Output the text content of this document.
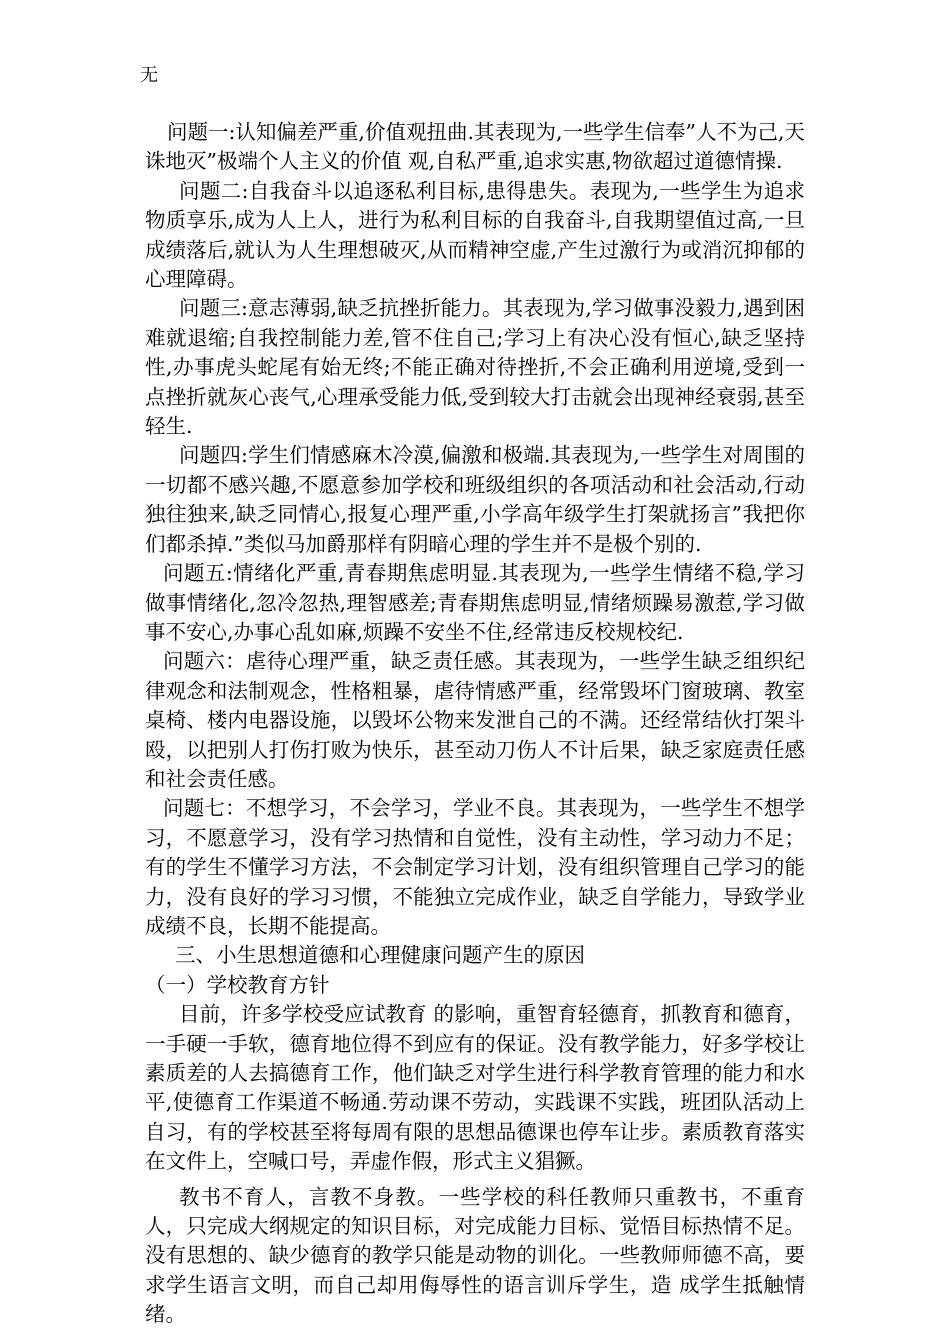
无

问题一:认知偏差严重,价值观扭曲.其表现为,一些学生信奉”人不为己,天诛地灭”极端个人主义的价值 观,自私严重,追求实惠,物欲超过道德情操.

问题二:自我奋斗以追逐私利目标,患得患失。表现为,一些学生为追求物质享乐,成为人上人，进行为私利目标的自我奋斗,自我期望值过高,一旦成绩落后,就认为人生理想破灭,从而精神空虚,产生过激行为或消沉抑郁的心理障碍。

问题三:意志薄弱,缺乏抗挫折能力。其表现为,学习做事没毅力,遇到困难就退缩;自我控制能力差,管不住自己;学习上有决心没有恒心,缺乏坚持性,办事虎头蛇尾有始无终;不能正确对待挫折,不会正确利用逆境,受到一点挫折就灰心丧气,心理承受能力低,受到较大打击就会出现神经衰弱,甚至轻生.

问题四:学生们情感麻木冷漠,偏激和极端.其表现为,一些学生对周围的一切都不感兴趣,不愿意参加学校和班级组织的各项活动和社会活动,行动独往独来,缺乏同情心,报复心理严重,小学高年级学生打架就扬言”我把你们都杀掉.”类似马加爵那样有阴暗心理的学生并不是极个别的.

问题五:情绪化严重,青春期焦虑明显.其表现为,一些学生情绪不稳,学习做事情绪化,忽冷忽热,理智感差;青春期焦虑明显,情绪烦躁易激惹,学习做事不安心,办事心乱如麻,烦躁不安坐不住,经常违反校规校纪.

问题六：虐待心理严重，缺乏责任感。其表现为，一些学生缺乏组织纪律观念和法制观念，性格粗暴，虐待情感严重，经常毁坏门窗玻璃、教室桌椅、楼内电器设施，以毁坏公物来发泄自己的不满。还经常结伙打架斗殴，以把别人打伤打败为快乐，甚至动刀伤人不计后果，缺乏家庭责任感和社会责任感。

问题七：不想学习，不会学习，学业不良。其表现为，一些学生不想学习，不愿意学习，没有学习热情和自觉性，没有主动性，学习动力不足；有的学生不懂学习方法，不会制定学习计划，没有组织管理自己学习的能力，没有良好的学习习惯，不能独立完成作业，缺乏自学能力，导致学业成绩不良，长期不能提高。

三、小生思想道德和心理健康问题产生的原因

（一）学校教育方针

目前，许多学校受应试教育 的影响，重智育轻德育，抓教育和德育，一手硬一手软，德育地位得不到应有的保证。没有教学能力，好多学校让素质差的人去搞德育工作，他们缺乏对学生进行科学教育管理的能力和水平,使德育工作渠道不畅通.劳动课不劳动，实践课不实践，班团队活动上自习，有的学校甚至将每周有限的思想品德课也停车让步。素质教育落实在文件上，空喊口号，弄虚作假，形式主义猖獗。

教书不育人，言教不身教。一些学校的科任教师只重教书，不重育人，只完成大纲规定的知识目标，对完成能力目标、觉悟目标热情不足。没有思想的、缺少德育的教学只能是动物的训化。一些教师师德不高，要求学生语言文明，而自己却用侮辱性的语言训斥学生，造 成学生抵触情绪。
